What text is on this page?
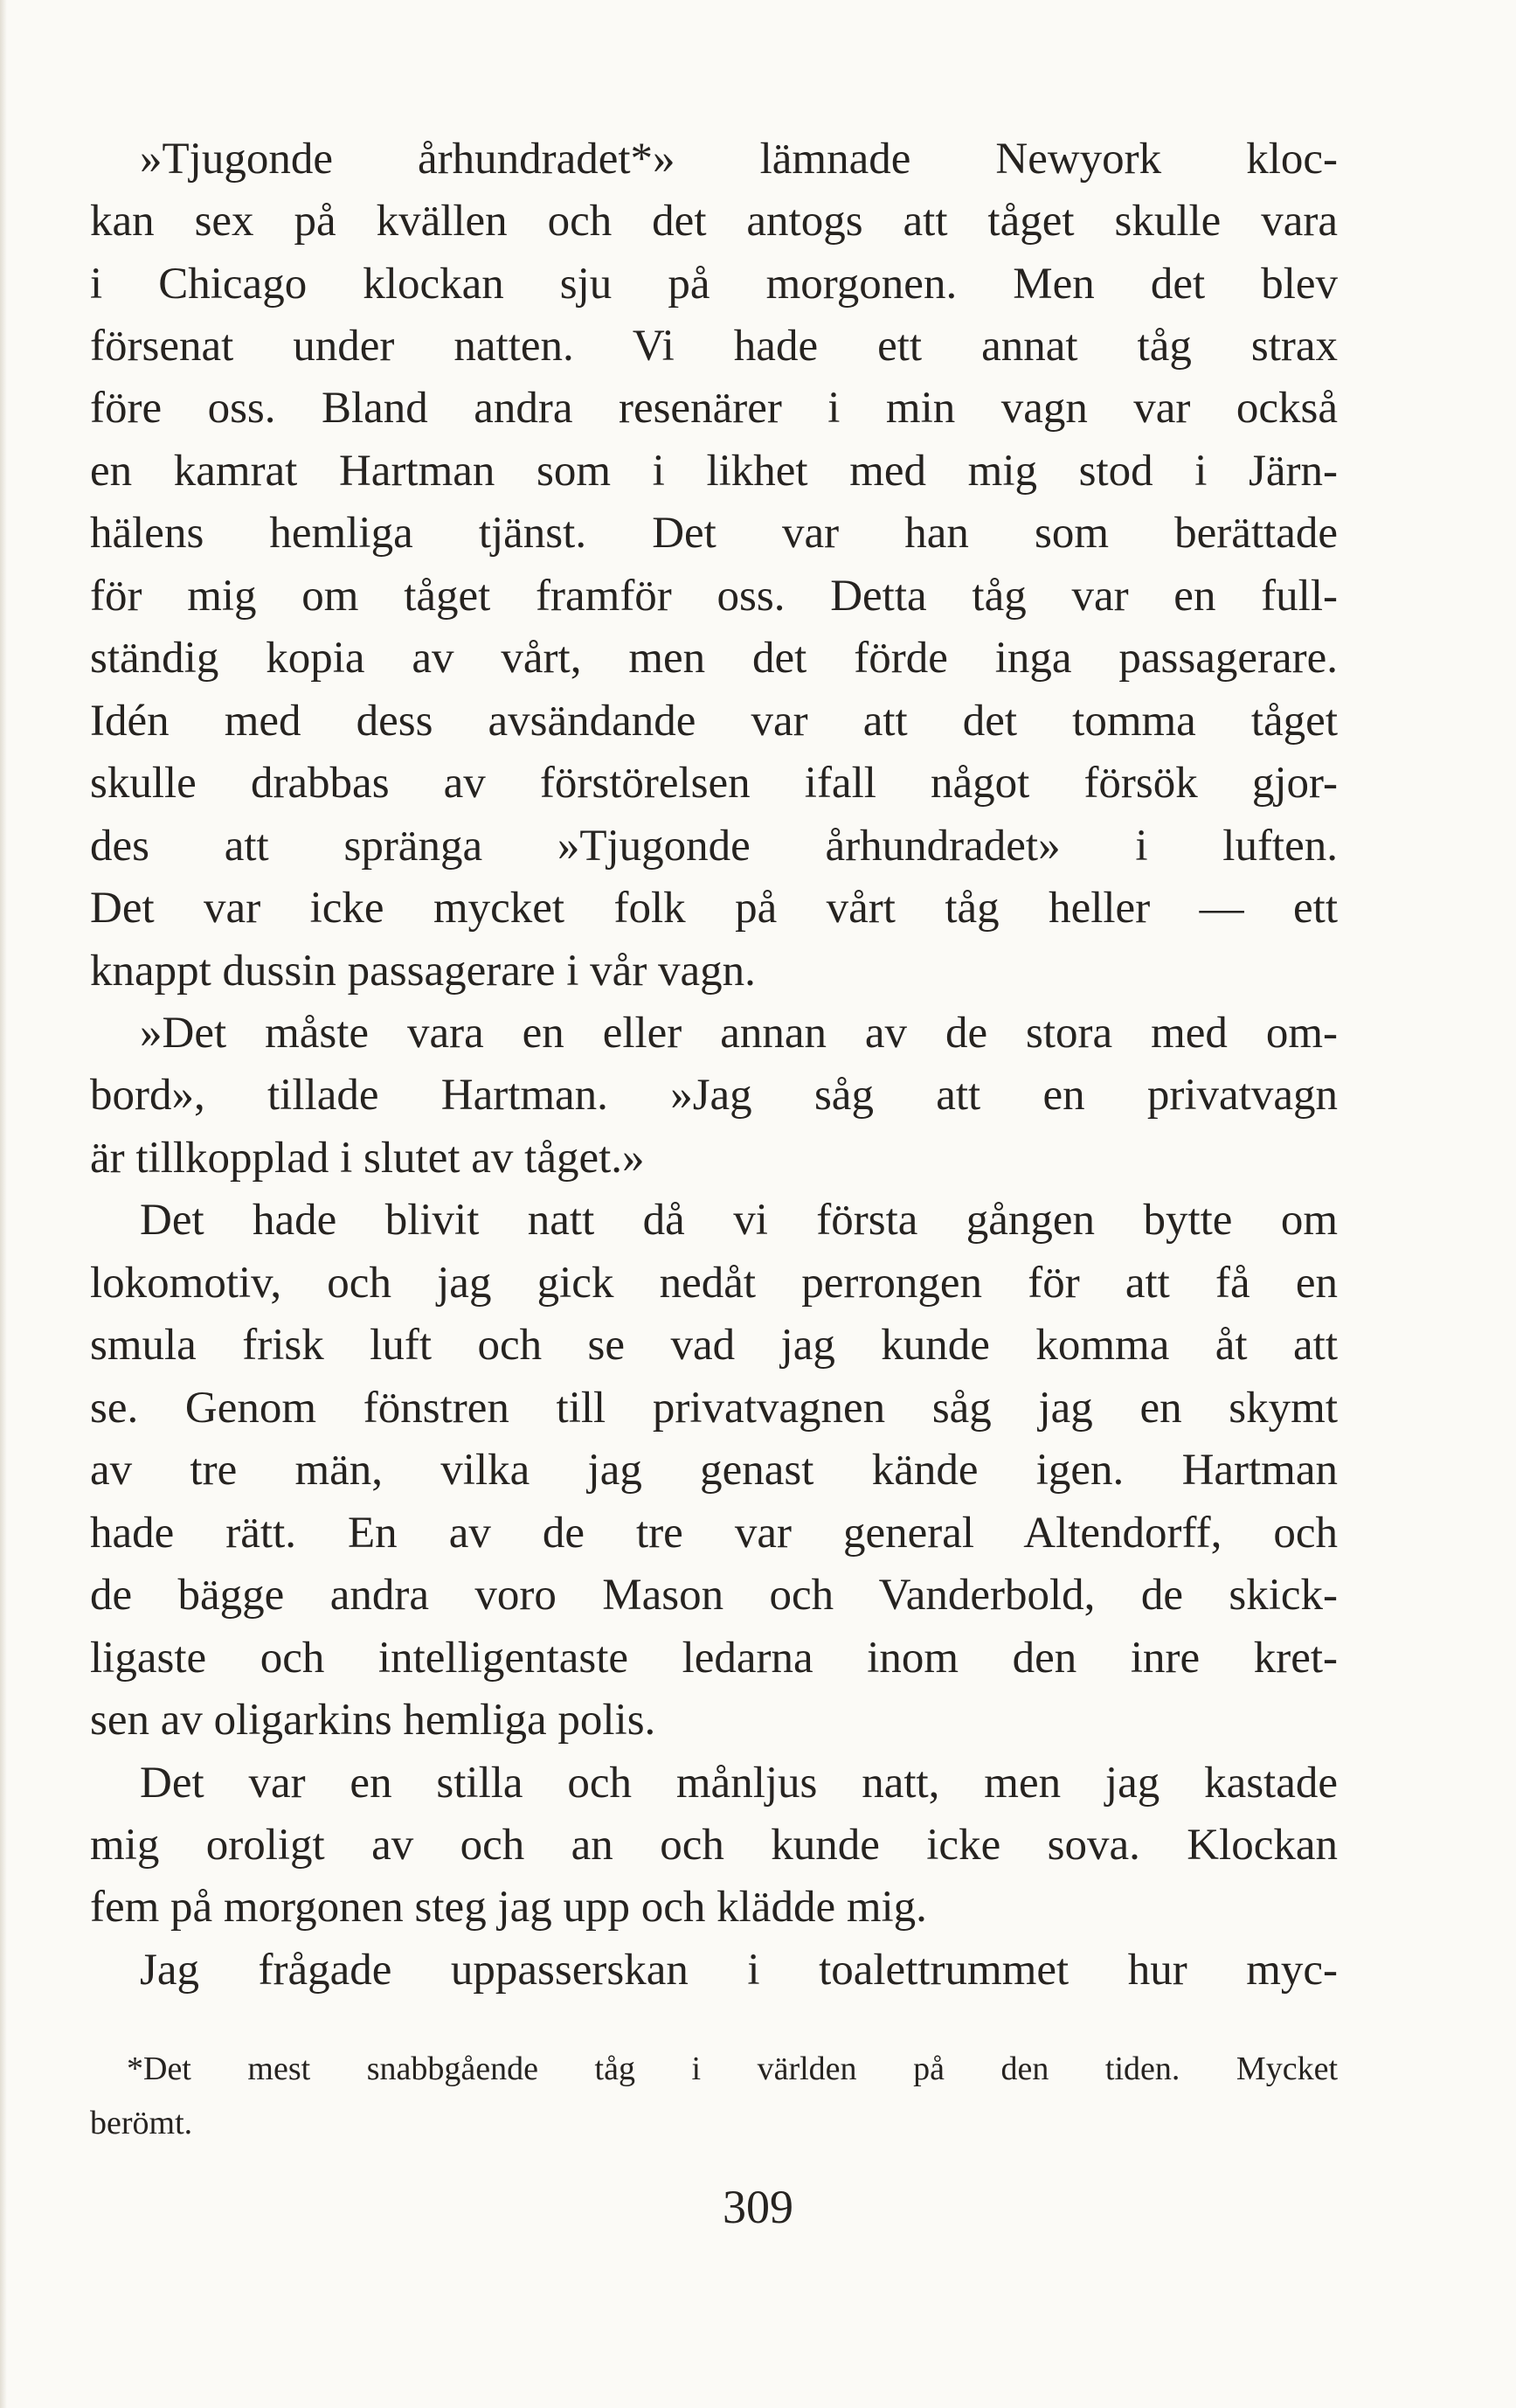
»Tjugonde århundradet*» lämnade Newyork kloc-
kan sex på kvällen och det antogs att tåget skulle vara
i Chicago klockan sju på morgonen. Men det blev
försenat under natten. Vi hade ett annat tåg strax
före oss. Bland andra resenärer i min vagn var också
en kamrat Hartman som i likhet med mig stod i Järn-
hälens hemliga tjänst. Det var han som berättade
för mig om tåget framför oss. Detta tåg var en full-
ständig kopia av vårt, men det förde inga passagerare.
Idén med dess avsändande var att det tomma tåget
skulle drabbas av förstörelsen ifall något försök gjor-
des att spränga »Tjugonde århundradet» i luften.
Det var icke mycket folk på vårt tåg heller — ett
knappt dussin passagerare i vår vagn.
»Det måste vara en eller annan av de stora med om-
bord», tillade Hartman. »Jag såg att en privatvagn
är tillkopplad i slutet av tåget.»
Det hade blivit natt då vi första gången bytte om
lokomotiv, och jag gick nedåt perrongen för att få en
smula frisk luft och se vad jag kunde komma åt att
se. Genom fönstren till privatvagnen såg jag en skymt
av tre män, vilka jag genast kände igen. Hartman
hade rätt. En av de tre var general Altendorff, och
de bägge andra voro Mason och Vanderbold, de skick-
ligaste och intelligentaste ledarna inom den inre kret-
sen av oligarkins hemliga polis.
Det var en stilla och månljus natt, men jag kastade
mig oroligt av och an och kunde icke sova. Klockan
fem på morgonen steg jag upp och klädde mig.
Jag frågade uppasserskan i toalettrummet hur myc-
*Det mest snabbgående tåg i världen på den tiden. Mycket
berömt.
309
